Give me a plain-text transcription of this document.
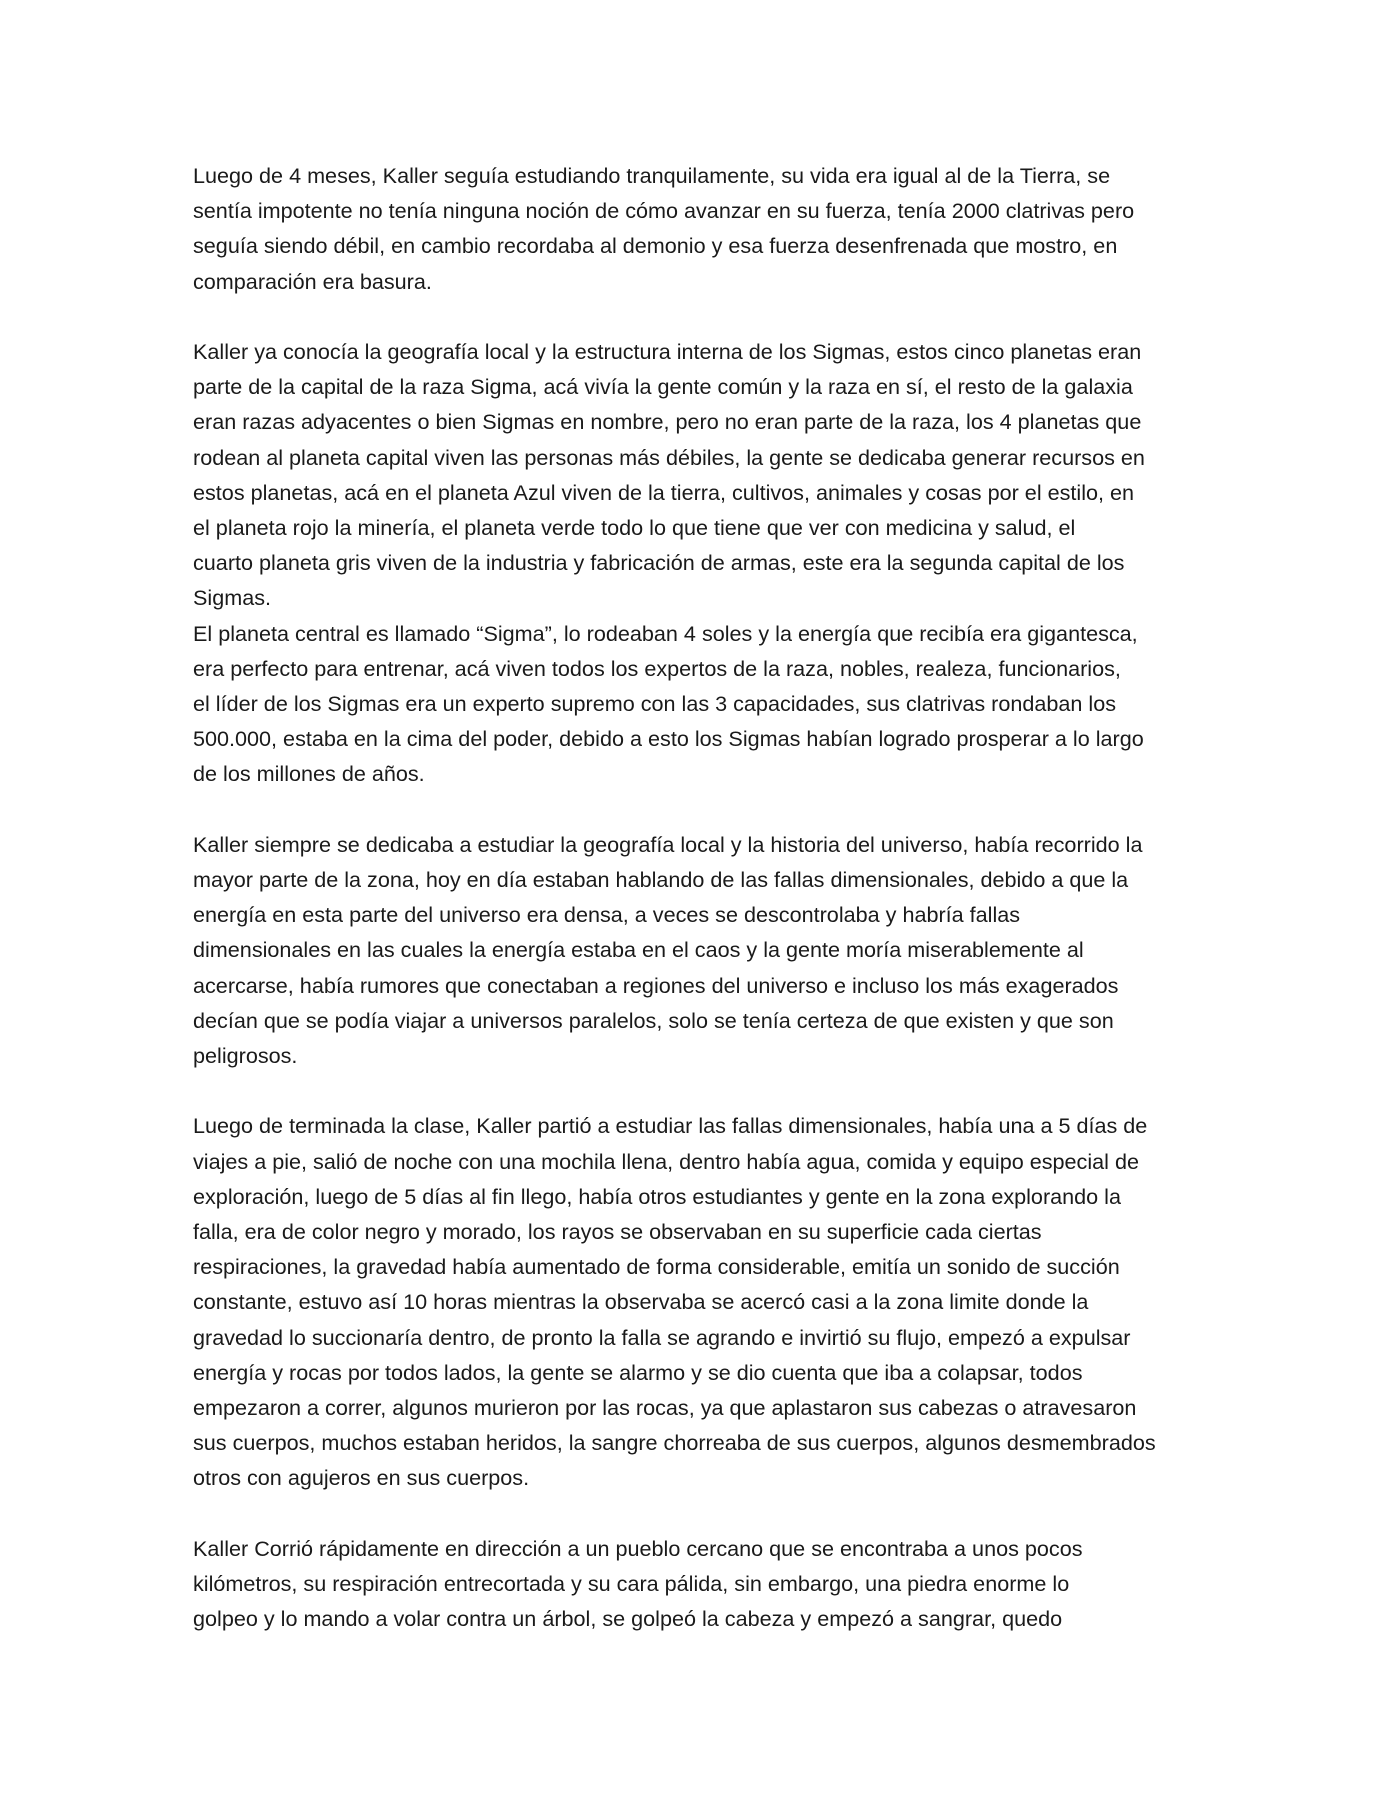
Luego de 4 meses, Kaller seguía estudiando tranquilamente, su vida era igual al de la Tierra, se
sentía impotente no tenía ninguna noción de cómo avanzar en su fuerza, tenía 2000 clatrivas pero
seguía siendo débil, en cambio recordaba al demonio y esa fuerza desenfrenada que mostro, en
comparación era basura.

Kaller ya conocía la geografía local y la estructura interna de los Sigmas, estos cinco planetas eran
parte de la capital de la raza Sigma, acá vivía la gente común y la raza en sí, el resto de la galaxia
eran razas adyacentes o bien Sigmas en nombre, pero no eran parte de la raza, los 4 planetas que
rodean al planeta capital viven las personas más débiles, la gente se dedicaba generar recursos en
estos planetas, acá en el planeta Azul viven de la tierra, cultivos, animales y cosas por el estilo, en
el planeta rojo la minería, el planeta verde todo lo que tiene que ver con medicina y salud, el
cuarto planeta gris viven de la industria y fabricación de armas, este era la segunda capital de los
Sigmas.

El planeta central es llamado “Sigma”, lo rodeaban 4 soles y la energía que recibía era gigantesca,
era perfecto para entrenar, acá viven todos los expertos de la raza, nobles, realeza, funcionarios,
el líder de los Sigmas era un experto supremo con las 3 capacidades, sus clatrivas rondaban los
500.000, estaba en la cima del poder, debido a esto los Sigmas habían logrado prosperar a lo largo
de los millones de años.

Kaller siempre se dedicaba a estudiar la geografía local y la historia del universo, había recorrido la
mayor parte de la zona, hoy en día estaban hablando de las fallas dimensionales, debido a que la
energía en esta parte del universo era densa, a veces se descontrolaba y habría fallas
dimensionales en las cuales la energía estaba en el caos y la gente moría miserablemente al
acercarse, había rumores que conectaban a regiones del universo e incluso los más exagerados
decían que se podía viajar a universos paralelos, solo se tenía certeza de que existen y que son
peligrosos.

Luego de terminada la clase, Kaller partió a estudiar las fallas dimensionales, había una a 5 días de
viajes a pie, salió de noche con una mochila llena, dentro había agua, comida y equipo especial de
exploración, luego de 5 días al fin llego, había otros estudiantes y gente en la zona explorando la
falla, era de color negro y morado, los rayos se observaban en su superficie cada ciertas
respiraciones, la gravedad había aumentado de forma considerable, emitía un sonido de succión
constante, estuvo así 10 horas mientras la observaba se acercó casi a la zona limite donde la
gravedad lo succionaría dentro, de pronto la falla se agrando e invirtió su flujo, empezó a expulsar
energía y rocas por todos lados, la gente se alarmo y se dio cuenta que iba a colapsar, todos
empezaron a correr, algunos murieron por las rocas, ya que aplastaron sus cabezas o atravesaron
sus cuerpos, muchos estaban heridos, la sangre chorreaba de sus cuerpos, algunos desmembrados
otros con agujeros en sus cuerpos.

Kaller Corrió rápidamente en dirección a un pueblo cercano que se encontraba a unos pocos
kilómetros, su respiración entrecortada y su cara pálida, sin embargo, una piedra enorme lo
golpeo y lo mando a volar contra un árbol, se golpeó la cabeza y empezó a sangrar, quedo
